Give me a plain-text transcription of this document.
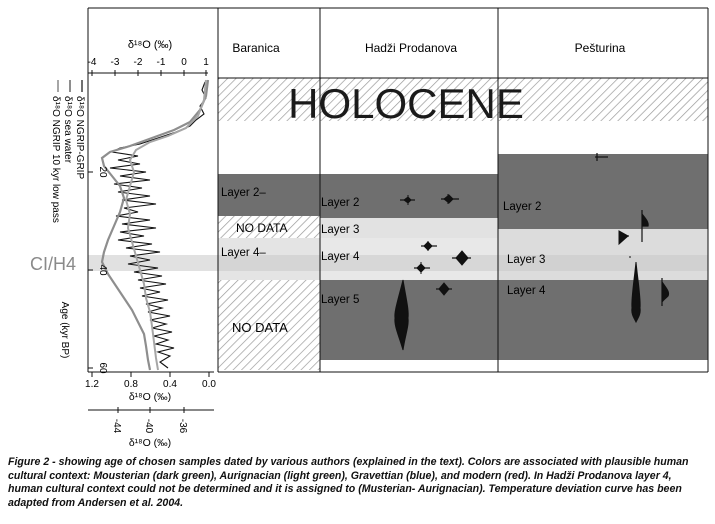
Baranica	Hadži Prodanova	Pešturina
HOLOCENE
Layer 2–
NO DATA
Layer 4–
NO DATA
Layer 2
Layer 3
Layer 4
Layer 5
Layer 2
Layer 3
Layer 4
-4 -3 -2 -1 0 1
δ¹⁸O (‰)
1.2	0.8	0.4	0.0
δ¹⁸O (‰)
-44 -40 -36
δ¹⁸O (‰)
20
40
60
Age (kyr BP)
δ¹⁸O NGRIP-GRIP
δ¹⁸O sea water
δ¹⁸O NGRIP 10 kyr low pass
CI/H4
Figure 2 - showing age of chosen samples dated by various authors (explained in the text). Colors are associated with plausible human cultural context: Mousterian (dark green), Aurignacian (light green), Gravettian (blue), and modern (red). In Hadži Prodanova layer 4, human cultural context could not be determined and it is assigned to (Musterian- Aurignacian). Temperature deviation curve has been adapted from Andersen et al. 2004.
